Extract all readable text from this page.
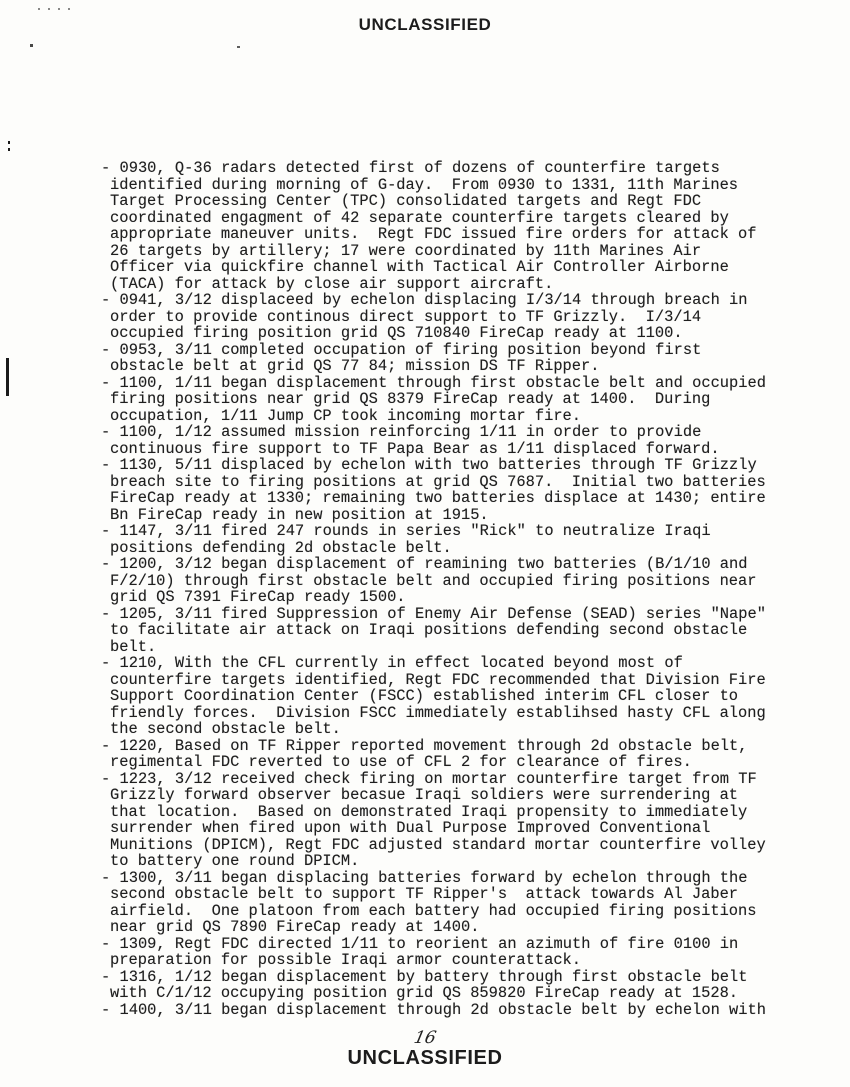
UNCLASSIFIED
- 0930, Q-36 radars detected first of dozens of counterfire targets
identified during morning of G-day.  From 0930 to 1331, 11th Marines
Target Processing Center (TPC) consolidated targets and Regt FDC
coordinated engagment of 42 separate counterfire targets cleared by
appropriate maneuver units.  Regt FDC issued fire orders for attack of
26 targets by artillery; 17 were coordinated by 11th Marines Air
Officer via quickfire channel with Tactical Air Controller Airborne
(TACA) for attack by close air support aircraft.
- 0941, 3/12 displaceed by echelon displacing I/3/14 through breach in
order to provide continous direct support to TF Grizzly.  I/3/14
occupied firing position grid QS 710840 FireCap ready at 1100.
- 0953, 3/11 completed occupation of firing position beyond first
obstacle belt at grid QS 77 84; mission DS TF Ripper.
- 1100, 1/11 began displacement through first obstacle belt and occupied
firing positions near grid QS 8379 FireCap ready at 1400.  During
occupation, 1/11 Jump CP took incoming mortar fire.
- 1100, 1/12 assumed mission reinforcing 1/11 in order to provide
continuous fire support to TF Papa Bear as 1/11 displaced forward.
- 1130, 5/11 displaced by echelon with two batteries through TF Grizzly
breach site to firing positions at grid QS 7687.  Initial two batteries
FireCap ready at 1330; remaining two batteries displace at 1430; entire
Bn FireCap ready in new position at 1915.
- 1147, 3/11 fired 247 rounds in series "Rick" to neutralize Iraqi
positions defending 2d obstacle belt.
- 1200, 3/12 began displacement of reamining two batteries (B/1/10 and
F/2/10) through first obstacle belt and occupied firing positions near
grid QS 7391 FireCap ready 1500.
- 1205, 3/11 fired Suppression of Enemy Air Defense (SEAD) series "Nape"
to facilitate air attack on Iraqi positions defending second obstacle
belt.
- 1210, With the CFL currently in effect located beyond most of
counterfire targets identified, Regt FDC recommended that Division Fire
Support Coordination Center (FSCC) established interim CFL closer to
friendly forces.  Division FSCC immediately establihsed hasty CFL along
the second obstacle belt.
- 1220, Based on TF Ripper reported movement through 2d obstacle belt,
regimental FDC reverted to use of CFL 2 for clearance of fires.
- 1223, 3/12 received check firing on mortar counterfire target from TF
Grizzly forward observer becasue Iraqi soldiers were surrendering at
that location.  Based on demonstrated Iraqi propensity to immediately
surrender when fired upon with Dual Purpose Improved Conventional
Munitions (DPICM), Regt FDC adjusted standard mortar counterfire volley
to battery one round DPICM.
- 1300, 3/11 began displacing batteries forward by echelon through the
second obstacle belt to support TF Ripper's  attack towards Al Jaber
airfield.  One platoon from each battery had occupied firing positions
near grid QS 7890 FireCap ready at 1400.
- 1309, Regt FDC directed 1/11 to reorient an azimuth of fire 0100 in
preparation for possible Iraqi armor counterattack.
- 1316, 1/12 began displacement by battery through first obstacle belt
with C/1/12 occupying position grid QS 859820 FireCap ready at 1528.
- 1400, 3/11 began displacement through 2d obstacle belt by echelon with
16
UNCLASSIFIED
